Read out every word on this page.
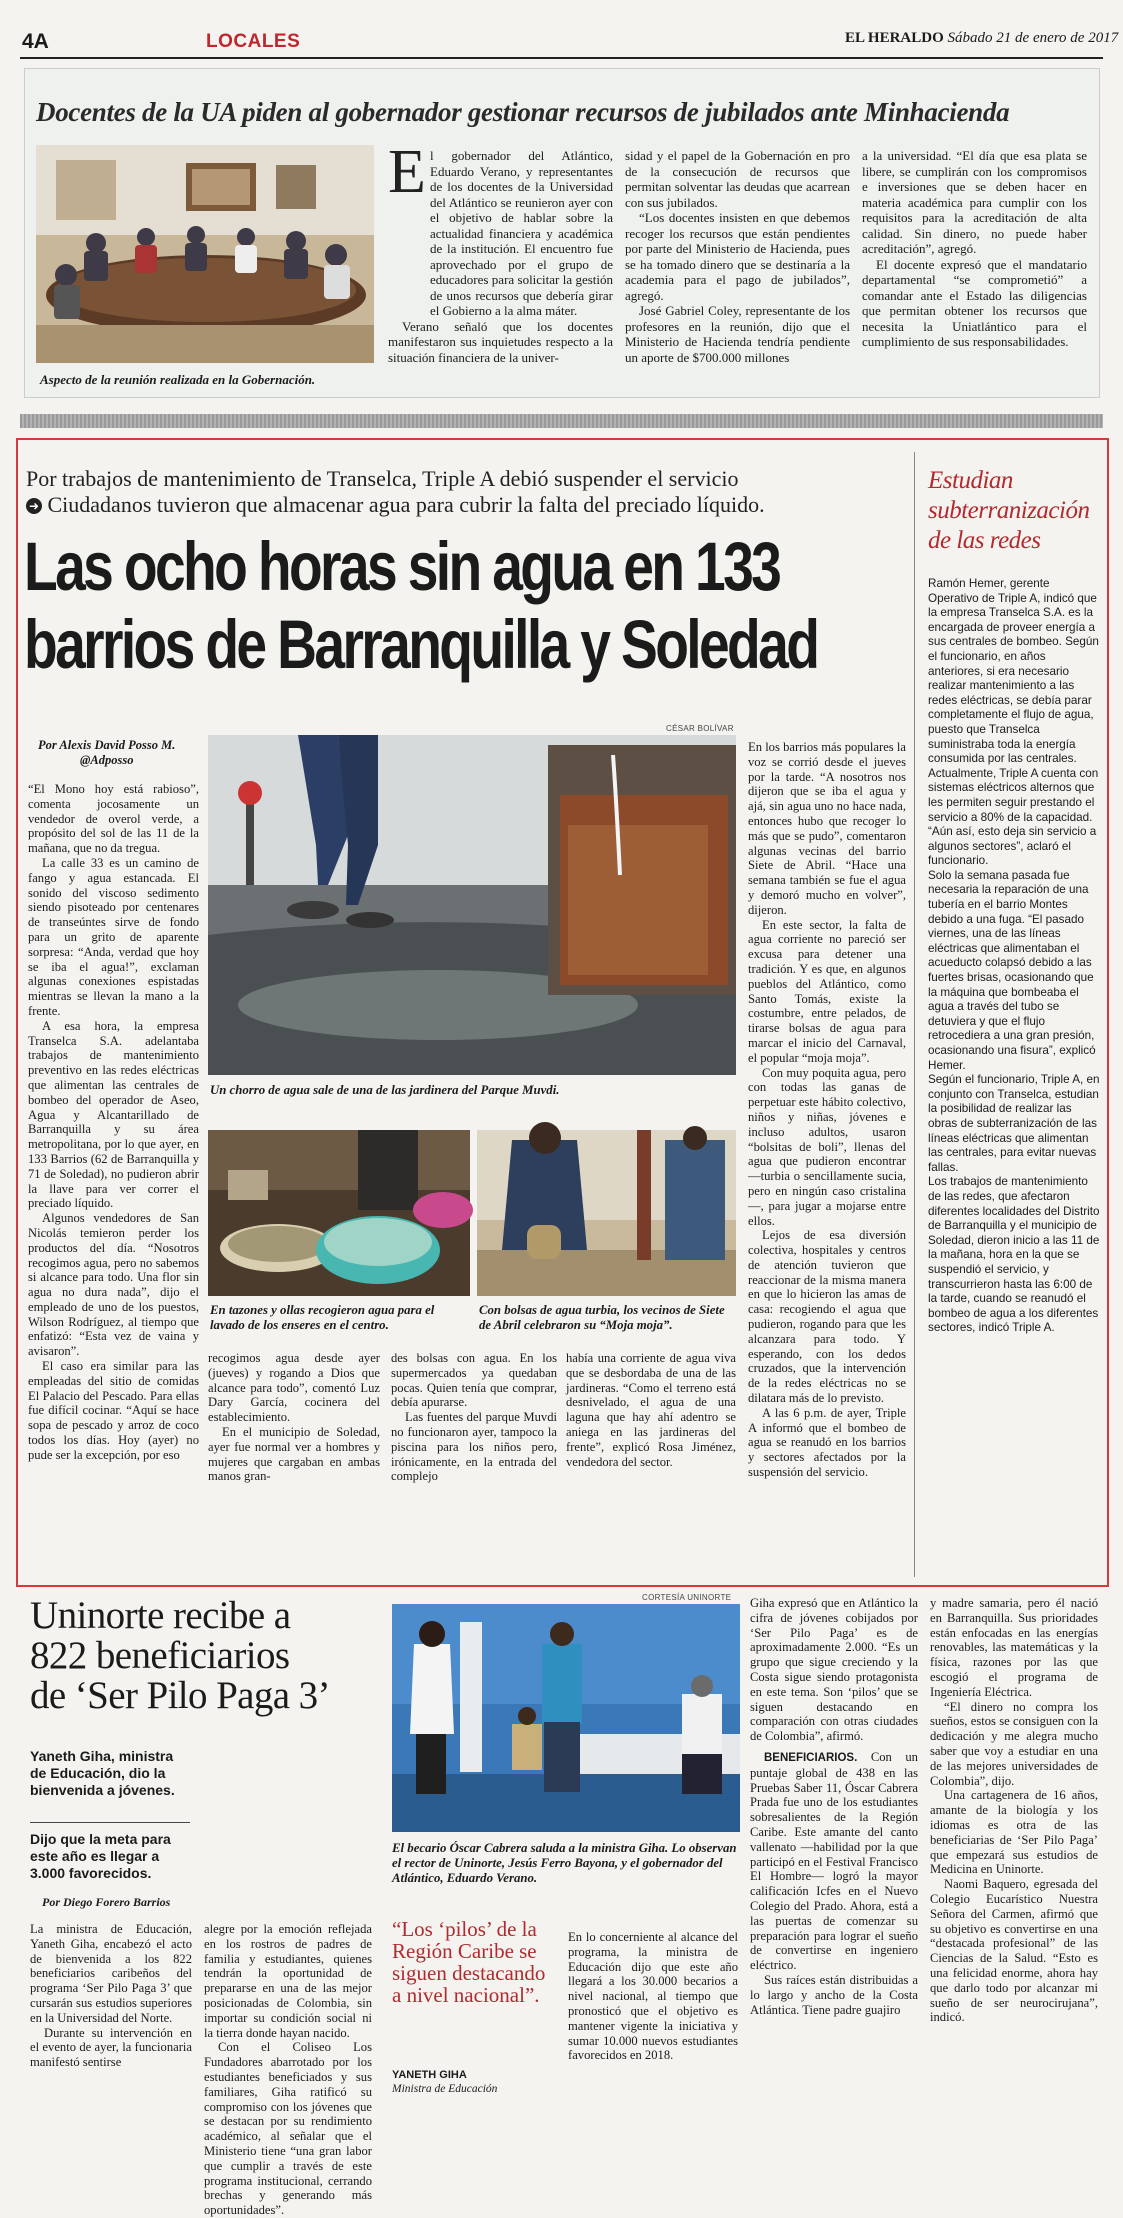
4A	LOCALES	EL HERALDO Sábado 21 de enero de 2017
Docentes de la UA piden al gobernador gestionar recursos de jubilados ante Minhacienda
Aspecto de la reunión realizada en la Gobernación.
E l gobernador del Atlántico, Eduardo Verano, y representantes de los docentes de la Universidad del Atlántico se reunieron ayer con el objetivo de hablar sobre la actualidad financiera y académica de la institución. El encuentro fue aprovechado por el grupo de educadores para solicitar la gestión de unos recursos que debería girar el Gobierno a la alma máter.

Verano señaló que los docentes manifestaron sus inquietudes respecto a la situación financiera de la univer-

sidad y el papel de la Gobernación en pro de la consecución de recursos que permitan solventar las deudas que acarrean con sus jubilados.

“Los docentes insisten en que debemos recoger los recursos que están pendientes por parte del Ministerio de Hacienda, pues se ha tomado dinero que se destinaría a la academia para el pago de jubilados”, agregó.

José Gabriel Coley, representante de los profesores en la reunión, dijo que el Ministerio de Hacienda tendría pendiente un aporte de $700.000 millones

a la universidad. “El día que esa plata se libere, se cumplirán con los compromisos e inversiones que se deben hacer en materia académica para cumplir con los requisitos para la acreditación de alta calidad. Sin dinero, no puede haber acreditación”, agregó.

El docente expresó que el mandatario departamental “se comprometió” a comandar ante el Estado las diligencias que permitan obtener los recursos que necesita la Uniatlántico para el cumplimiento de sus responsabilidades.

Por trabajos de mantenimiento de Transelca, Triple A debió suspender el servicio
➜ Ciudadanos tuvieron que almacenar agua para cubrir la falta del preciado líquido.
Las ocho horas sin agua en 133
barrios de Barranquilla y Soledad
Por Alexis David Posso M.
@Adposso

“El Mono hoy está rabioso”, comenta jocosamente un vendedor de overol verde, a propósito del sol de las 11 de la mañana, que no da tregua.

La calle 33 es un camino de fango y agua estancada. El sonido del viscoso sedimento siendo pisoteado por centenares de transeúntes sirve de fondo para un grito de aparente sorpresa: “Anda, verdad que hoy se iba el agua!”, exclaman algunas conexiones espistadas mientras se llevan la mano a la frente.

A esa hora, la empresa Transelca S.A. adelantaba trabajos de mantenimiento preventivo en las redes eléctricas que alimentan las centrales de bombeo del operador de Aseo, Agua y Alcantarillado de Barranquilla y su área metropolitana, por lo que ayer, en 133 Barrios (62 de Barranquilla y 71 de Soledad), no pudieron abrir la llave para ver correr el preciado líquido.

Algunos vendedores de San Nicolás temieron perder los productos del día. “Nosotros recogimos agua, pero no sabemos si alcance para todo. Una flor sin agua no dura nada”, dijo el empleado de uno de los puestos, Wilson Rodríguez, al tiempo que enfatizó: “Esta vez de vaina y avisaron”.

El caso era similar para las empleadas del sitio de comidas El Palacio del Pescado. Para ellas fue difícil cocinar. “Aquí se hace sopa de pescado y arroz de coco todos los días. Hoy (ayer) no pude ser la excepción, por eso

CÉSAR BOLÍVAR
Un chorro de agua sale de una de las jardinera del Parque Muvdi.
En tazones y ollas recogieron agua para el lavado de los enseres en el centro.
Con bolsas de agua turbia, los vecinos de Siete de Abril celebraron su “Moja moja”.

recogimos agua desde ayer (jueves) y rogando a Dios que alcance para todo”, comentó Luz Dary García, cocinera del establecimiento.

En el municipio de Soledad, ayer fue normal ver a hombres y mujeres que cargaban en ambas manos gran-

des bolsas con agua. En los supermercados ya quedaban pocas. Quien tenía que comprar, debía apurarse.

Las fuentes del parque Muvdi no funcionaron ayer, tampoco la piscina para los niños pero, irónicamente, en la entrada del complejo

había una corriente de agua viva que se desbordaba de una de las jardineras. “Como el terreno está desnivelado, el agua de una laguna que hay ahí adentro se aniega en las jardineras del frente”, explicó Rosa Jiménez, vendedora del sector.

En los barrios más populares la voz se corrió desde el jueves por la tarde. “A nosotros nos dijeron que se iba el agua y ajá, sin agua uno no hace nada, entonces hubo que recoger lo más que se pudo”, comentaron algunas vecinas del barrio Siete de Abril. “Hace una semana también se fue el agua y demoró mucho en volver”, dijeron.

En este sector, la falta de agua corriente no pareció ser excusa para detener una tradición. Y es que, en algunos pueblos del Atlántico, como Santo Tomás, existe la costumbre, entre pelados, de tirarse bolsas de agua para marcar el inicio del Carnaval, el popular “moja moja”.

Con muy poquita agua, pero con todas las ganas de perpetuar este hábito colectivo, niños y niñas, jóvenes e incluso adultos, usaron “bolsitas de boli”, llenas del agua que pudieron encontrar —turbia o sencillamente sucia, pero en ningún caso cristalina—, para jugar a mojarse entre ellos.

Lejos de esa diversión colectiva, hospitales y centros de atención tuvieron que reaccionar de la misma manera en que lo hicieron las amas de casa: recogiendo el agua que pudieron, rogando para que les alcanzara para todo. Y esperando, con los dedos cruzados, que la intervención de la redes eléctricas no se dilatara más de lo previsto.

A las 6 p.m. de ayer, Triple A informó que el bombeo de agua se reanudó en los barrios y sectores afectados por la suspensión del servicio.

Estudian
subterranización
de las redes

Ramón Hemer, gerente Operativo de Triple A, indicó que la empresa Transelca S.A. es la encargada de proveer energía a sus centrales de bombeo. Según el funcionario, en años anteriores, si era necesario realizar mantenimiento a las redes eléctricas, se debía parar completamente el flujo de agua, puesto que Transelca suministraba toda la energía consumida por las centrales. Actualmente, Triple A cuenta con sistemas eléctricos alternos que les permiten seguir prestando el servicio a 80% de la capacidad. “Aún así, esto deja sin servicio a algunos sectores”, aclaró el funcionario.

Solo la semana pasada fue necesaria la reparación de una tubería en el barrio Montes debido a una fuga. “El pasado viernes, una de las líneas eléctricas que alimentaban el acueducto colapsó debido a las fuertes brisas, ocasionando que la máquina que bombeaba el agua a través del tubo se detuviera y que el flujo retrocediera a una gran presión, ocasionando una fisura”, explicó Hemer.

Según el funcionario, Triple A, en conjunto con Transelca, estudian la posibilidad de realizar las obras de subterranización de las líneas eléctricas que alimentan las centrales, para evitar nuevas fallas.

Los trabajos de mantenimiento de las redes, que afectaron diferentes localidades del Distrito de Barranquilla y el municipio de Soledad, dieron inicio a las 11 de la mañana, hora en la que se suspendió el servicio, y transcurrieron hasta las 6:00 de la tarde, cuando se reanudó el bombeo de agua a los diferentes sectores, indicó Triple A.

Uninorte recibe a
822 beneficiarios
de ‘Ser Pilo Paga 3’
Yaneth Giha, ministra de Educación, dio la bienvenida a jóvenes.
Dijo que la meta para este año es llegar a 3.000 favorecidos.
Por Diego Forero Barrios

La ministra de Educación, Yaneth Giha, encabezó el acto de bienvenida a los 822 beneficiarios caribeños del programa ‘Ser Pilo Paga 3’ que cursarán sus estudios superiores en la Universidad del Norte.

Durante su intervención en el evento de ayer, la funcionaria manifestó sentirse

alegre por la emoción reflejada en los rostros de padres de familia y estudiantes, quienes tendrán la oportunidad de prepararse en una de las mejor posicionadas de Colombia, sin importar su condición social ni la tierra donde hayan nacido.

Con el Coliseo Los Fundadores abarrotado por los estudiantes beneficiados y sus familiares, Giha ratificó su compromiso con los jóvenes que se destacan por su rendimiento académico, al señalar que el Ministerio tiene “una gran labor que cumplir a través de este programa institucional, cerrando brechas y generando más oportunidades”.

CORTESÍA UNINORTE
El becario Óscar Cabrera saluda a la ministra Giha. Lo observan el rector de Uninorte, Jesús Ferro Bayona, y el gobernador del Atlántico, Eduardo Verano.
“Los ‘pilos’ de la Región Caribe se siguen destacando a nivel nacional”.
YANETH GIHA
Ministra de Educación

En lo concerniente al alcance del programa, la ministra de Educación dijo que este año llegará a los 30.000 becarios a nivel nacional, al tiempo que pronosticó que el objetivo es mantener vigente la iniciativa y sumar 10.000 nuevos estudiantes favorecidos en 2018.

Giha expresó que en Atlántico la cifra de jóvenes cobijados por ‘Ser Pilo Paga’ es de aproximadamente 2.000. “Es un grupo que sigue creciendo y la Costa sigue siendo protagonista en este tema. Son ‘pilos’ que se siguen destacando en comparación con otras ciudades de Colombia”, afirmó.

BENEFICIARIOS. Con un puntaje global de 438 en las Pruebas Saber 11, Óscar Cabrera Prada fue uno de los estudiantes sobresalientes de la Región Caribe. Este amante del canto vallenato —habilidad por la que participó en el Festival Francisco El Hombre— logró la mayor calificación Icfes en el Nuevo Colegio del Prado. Ahora, está a las puertas de comenzar su preparación para lograr el sueño de convertirse en ingeniero eléctrico.

Sus raíces están distribuidas a lo largo y ancho de la Costa Atlántica. Tiene padre guajiro

y madre samaria, pero él nació en Barranquilla. Sus prioridades están enfocadas en las energías renovables, las matemáticas y la física, razones por las que escogió el programa de Ingeniería Eléctrica.

“El dinero no compra los sueños, estos se consiguen con la dedicación y me alegra mucho saber que voy a estudiar en una de las mejores universidades de Colombia”, dijo.

Una cartagenera de 16 años, amante de la biología y los idiomas es otra de las beneficiarias de ‘Ser Pilo Paga’ que empezará sus estudios de Medicina en Uninorte.

Naomi Baquero, egresada del Colegio Eucarístico Nuestra Señora del Carmen, afirmó que su objetivo es convertirse en una “destacada profesional” de las Ciencias de la Salud. “Esto es una felicidad enorme, ahora hay que darlo todo por alcanzar mi sueño de ser neurocirujana”, indicó.
